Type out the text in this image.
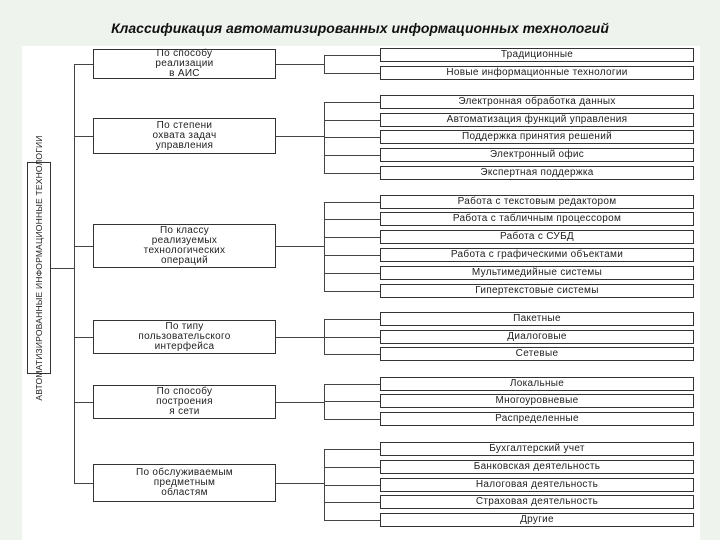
Классификация автоматизированных информационных технологий
АВТОМАТИЗИРОВАННЫЕ ИНФОРМАЦИОННЫЕ ТЕХНОЛОГИИ
По способу
реализации
в АИС
Традиционные
Новые информационные технологии
По степени
охвата задач
управления
Электронная обработка данных
Автоматизация функций управления
Поддержка принятия решений
Электронный офис
Экспертная поддержка
По классу
реализуемых
технологических
операций
Работа с текстовым редактором
Работа с табличным процессором
Работа с СУБД
Работа с графическими объектами
Мультимедийные системы
Гипертекстовые системы
По типу
пользовательского
интерфейса
Пакетные
Диалоговые
Сетевые
По способу
построения
я сети
Локальные
Многоуровневые
Распределенные
По обслуживаемым
предметным
областям
Бухгалтерский учет
Банковская деятельность
Налоговая деятельность
Страховая деятельность
Другие
